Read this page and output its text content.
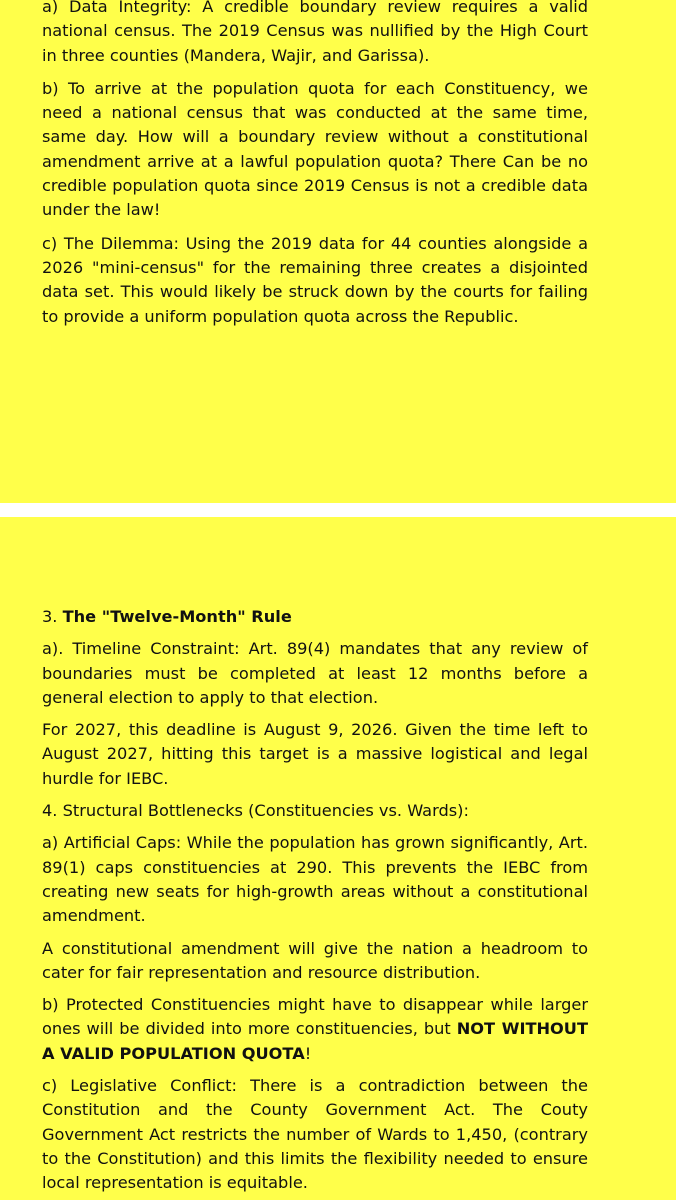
a) Data Integrity: A credible boundary review requires a valid national census. The 2019 Census was nullified by the High Court in three counties (Mandera, Wajir, and Garissa).

b) To arrive at the population quota for each Constituency, we need a national census that was conducted at the same time, same day. How will a boundary review without a constitutional amendment arrive at a lawful population quota? There Can be no credible population quota since 2019 Census is not a credible data under the law!

c) The Dilemma: Using the 2019 data for 44 counties alongside a 2026 "mini-census" for the remaining three creates a disjointed data set. This would likely be struck down by the courts for failing to provide a uniform population quota across the Republic.

3. The "Twelve-Month" Rule

a). Timeline Constraint: Art. 89(4) mandates that any review of boundaries must be completed at least 12 months before a general election to apply to that election.

For 2027, this deadline is August 9, 2026. Given the time left to August 2027, hitting this target is a massive logistical and legal hurdle for IEBC.

4. Structural Bottlenecks (Constituencies vs. Wards):

a) Artificial Caps: While the population has grown significantly, Art. 89(1) caps constituencies at 290. This prevents the IEBC from creating new seats for high-growth areas without a constitutional amendment.

A constitutional amendment will give the nation a headroom to cater for fair representation and resource distribution.

b) Protected Constituencies might have to disappear while larger ones will be divided into more constituencies, but NOT WITHOUT A VALID POPULATION QUOTA!

c) Legislative Conflict: There is a contradiction between the Constitution and the County Government Act. The Couty Government Act restricts the number of Wards to 1,450, (contrary to the Constitution) and this limits the flexibility needed to ensure local representation is equitable.
